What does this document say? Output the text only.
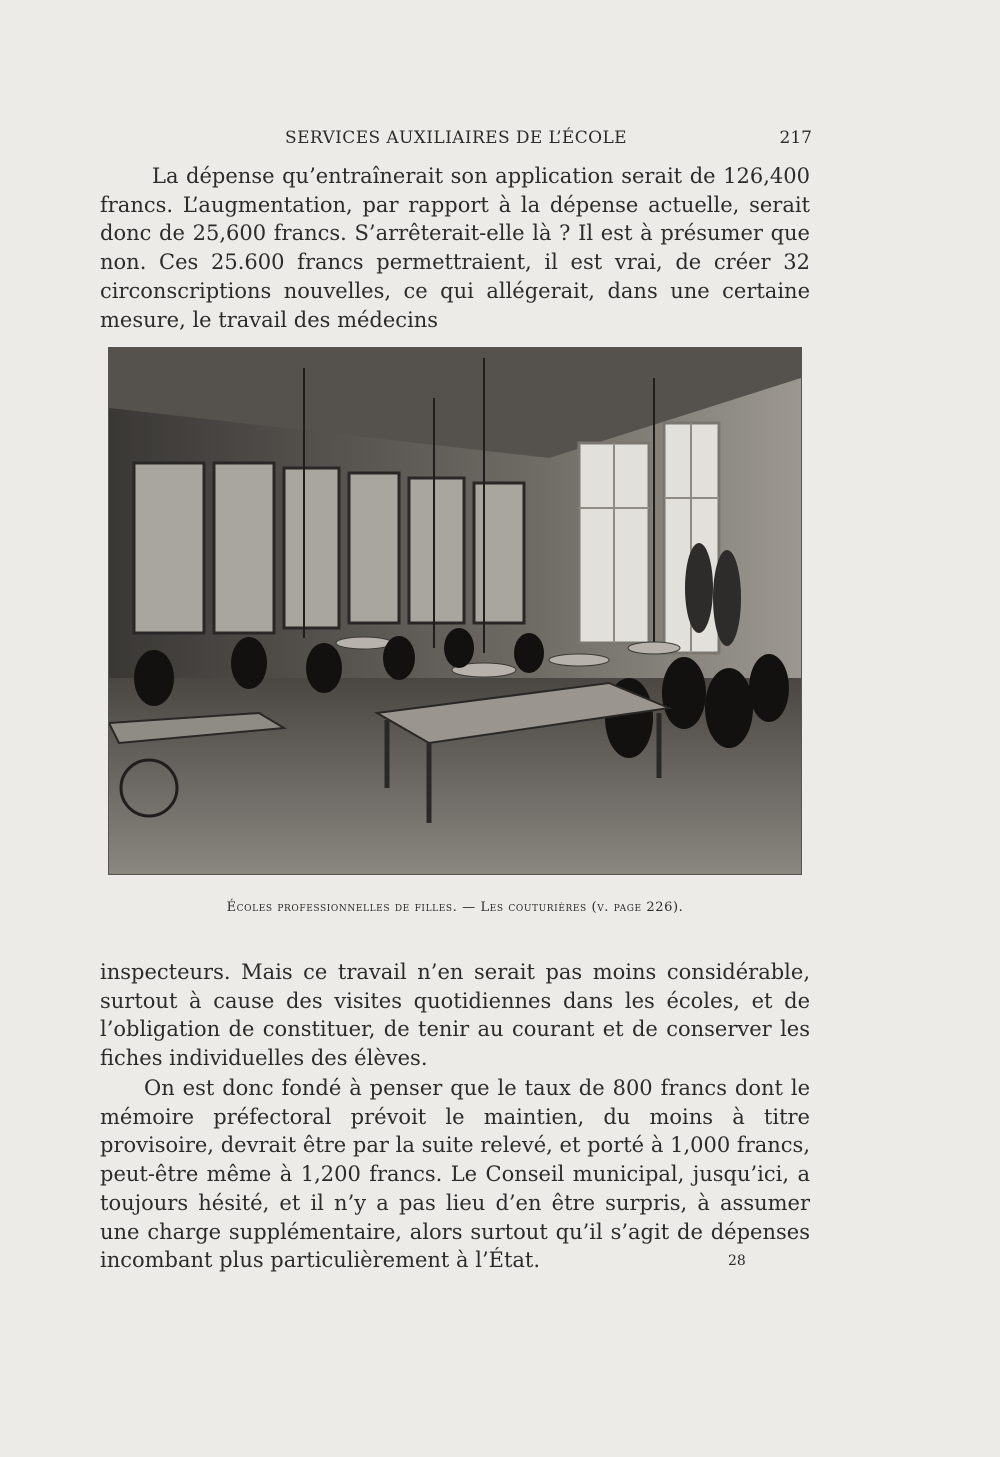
SERVICES AUXILIAIRES DE L’ÉCOLE	217

La dépense qu’entraînerait son application serait de 126,400 francs. L’augmentation, par rapport à la dépense actuelle, serait donc de 25,600 francs. S’arrêterait-elle là ? Il est à présumer que non. Ces 25.600 francs permettraient, il est vrai, de créer 32 circonscriptions nouvelles, ce qui allégerait, dans une certaine mesure, le travail des médecins

Écoles professionnelles de filles. — Les couturières (v. page 226).

inspecteurs. Mais ce travail n’en serait pas moins considérable, surtout à cause des visites quotidiennes dans les écoles, et de l’obligation de constituer, de tenir au courant et de conserver les fiches individuelles des élèves.

On est donc fondé à penser que le taux de 800 francs dont le mémoire préfectoral prévoit le maintien, du moins à titre provisoire, devrait être par la suite relevé, et porté à 1,000 francs, peut-être même à 1,200 francs. Le Conseil municipal, jusqu’ici, a toujours hésité, et il n’y a pas lieu d’en être surpris, à assumer une charge supplémentaire, alors surtout qu’il s’agit de dépenses incombant plus particulièrement à l’État.	28
